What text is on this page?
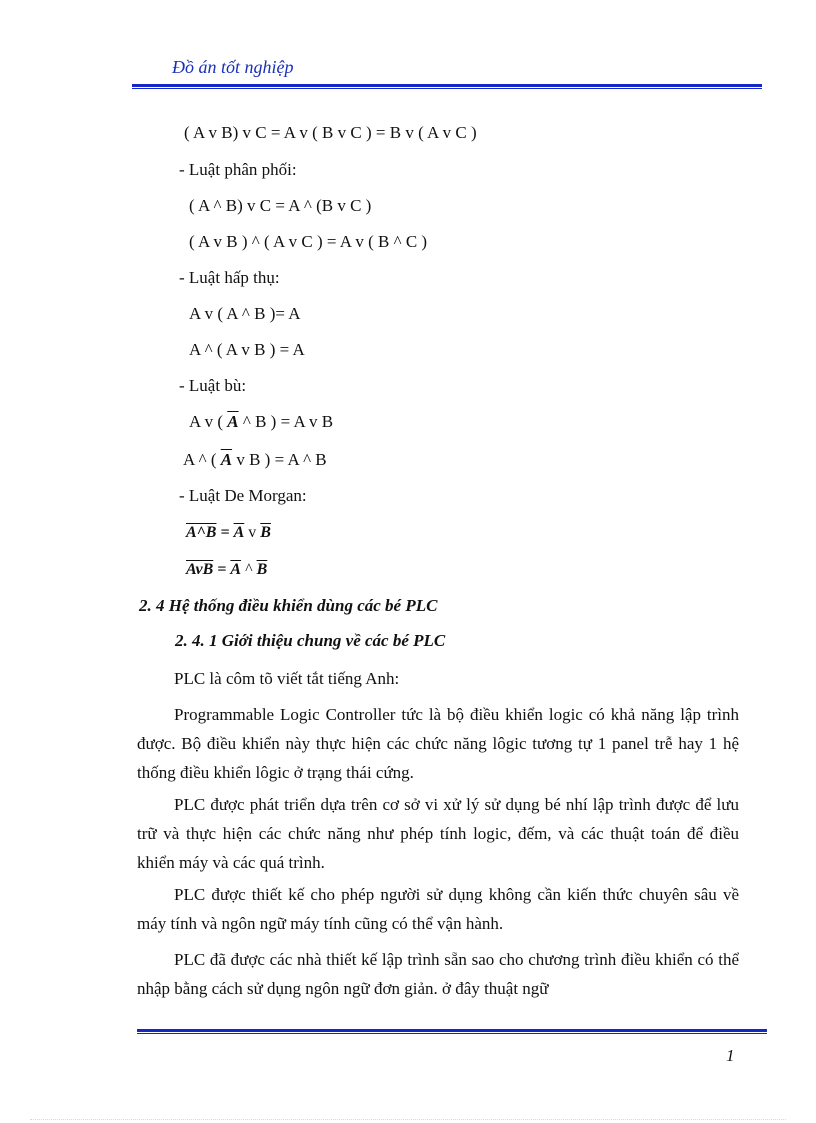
Đồ án tốt nghiệp
( A v B) v C = A v ( B v C ) = B v ( A v C )
- Luật phân phối:
( A ^ B) v C = A ^ (B v C )
( A v B ) ^ ( A v C ) = A v ( B ^ C )
- Luật hấp thụ:
A v ( A ^ B )= A
A ^ ( A v B ) = A
- Luật bù:
A v ( $\overline{A}$ ^ B ) = A v B
A ^ ( $\overline{A}$ v B ) = A ^ B
- Luật De Morgan:
A^B = $\overline{A}$ v $\overline{B}$
$\overline{AvB} = \overline{A}$ ^ $\overline{B}$
2. 4 Hệ thống điều khiển dùng các bé PLC
2. 4. 1 Giới thiệu chung về các bé PLC
PLC là côm tõ viết tắt tiếng Anh:
Programmable Logic Controller tức là bộ điều khiển logic có khả năng lập trình được. Bộ điều khiển này thực hiện các chức năng lôgic tương tự 1 panel trễ hay 1 hệ thống điều khiển lôgic ở trạng thái cứng.
PLC được phát triển dựa trên cơ sở vi xử lý sử dụng bé nhí lập trình được để lưu trữ và thực hiện các chức năng như phép tính logic, đếm, và các thuật toán để điều khiển máy và các quá trình.
PLC được thiết kế cho phép người sử dụng không cần kiến thức chuyên sâu về máy tính và ngôn ngữ máy tính cũng có thể vận hành.
PLC đã được các nhà thiết kế lập trình sẵn sao cho chương trình điều khiển có thể nhập bằng cách sử dụng ngôn ngữ đơn giản. ở đây thuật ngữ
1
